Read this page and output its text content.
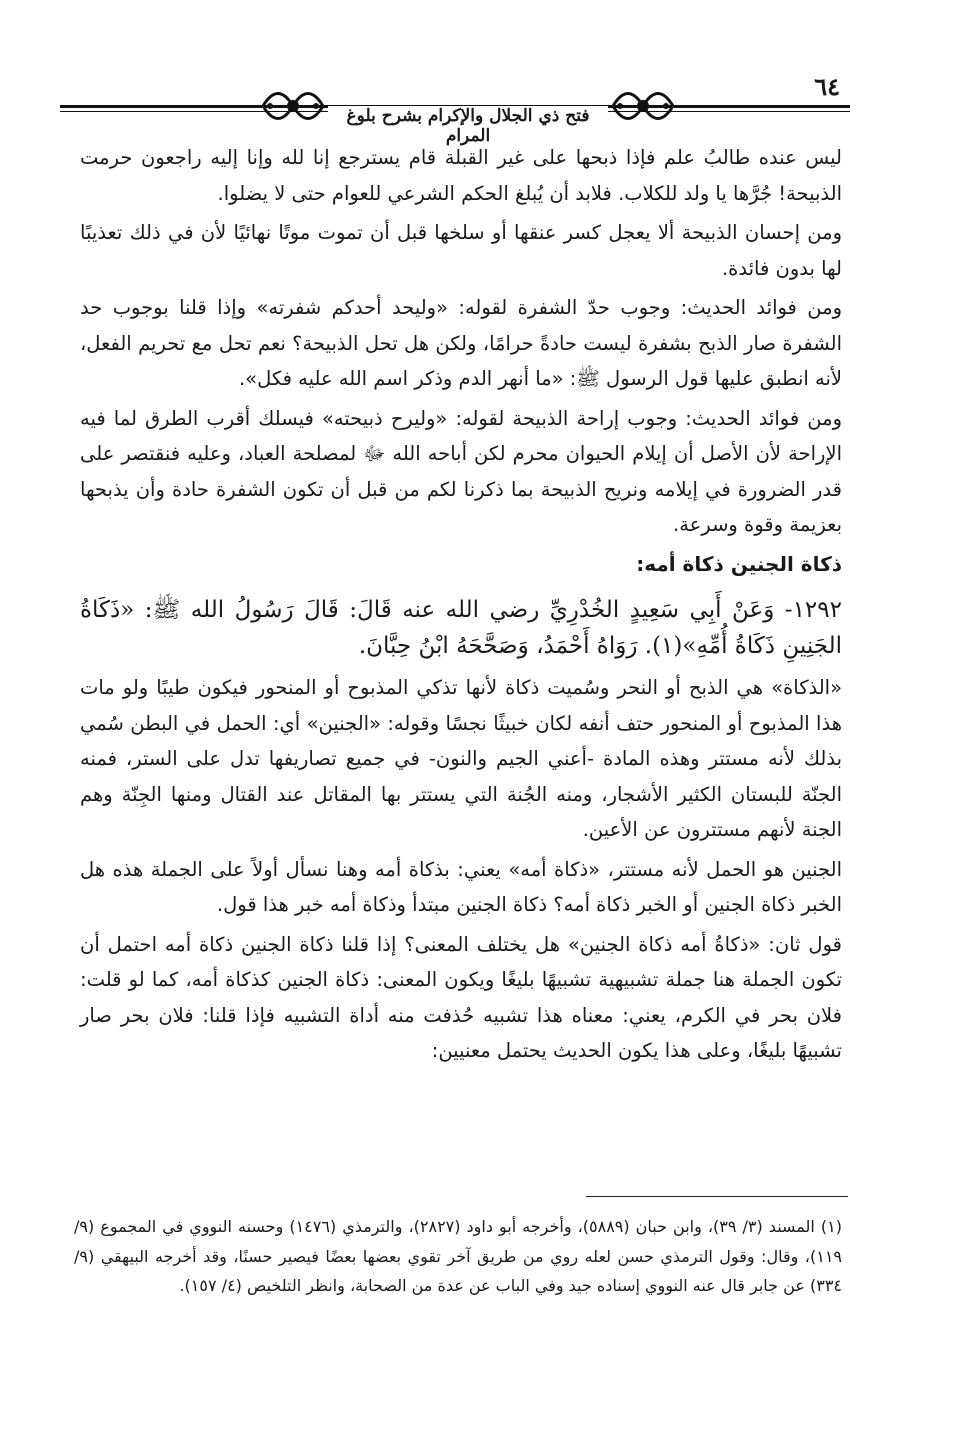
٦٤
فتح ذي الجلال والإكرام بشرح بلوغ المرام

ليس عنده طالبُ علم فإذا ذبحها على غير القبلة قام يسترجع إنا لله وإنا إليه راجعون حرمت الذبيحة! جُرَّها يا ولد للكلاب. فلابد أن يُبلغ الحكم الشرعي للعوام حتى لا يضلوا.

ومن إحسان الذبيحة ألا يعجل كسر عنقها أو سلخها قبل أن تموت موتًا نهائيًا لأن في ذلك تعذيبًا لها بدون فائدة.

ومن فوائد الحديث: وجوب حدّ الشفرة لقوله: «وليحد أحدكم شفرته» وإذا قلنا بوجوب حد الشفرة صار الذبح بشفرة ليست حادةً حرامًا، ولكن هل تحل الذبيحة؟ نعم تحل مع تحريم الفعل، لأنه انطبق عليها قول الرسول ﷺ: «ما أنهر الدم وذكر اسم الله عليه فكل».

ومن فوائد الحديث: وجوب إراحة الذبيحة لقوله: «وليرح ذبيحته» فيسلك أقرب الطرق لما فيه الإراحة لأن الأصل أن إيلام الحيوان محرم لكن أباحه الله ﷻ لمصلحة العباد، وعليه فنقتصر على قدر الضرورة في إيلامه ونريح الذبيحة بما ذكرنا لكم من قبل أن تكون الشفرة حادة وأن يذبحها بعزيمة وقوة وسرعة.

ذكاة الجنين ذكاة أمه:

١٢٩٢- وَعَنْ أَبِي سَعِيدٍ الخُدْرِيِّ رضي الله عنه قَالَ: قَالَ رَسُولُ الله ﷺ: «ذَكَاةُ الجَنِينِ ذَكَاةُ أُمِّهِ»(١). رَوَاهُ أَحْمَدُ، وَصَحَّحَهُ ابْنُ حِبَّانَ.

«الذكاة» هي الذبح أو النحر وسُميت ذكاة لأنها تذكي المذبوح أو المنحور فيكون طيبًا ولو مات هذا المذبوح أو المنحور حتف أنفه لكان خبيثًا نجسًا وقوله: «الجنين» أي: الحمل في البطن سُمي بذلك لأنه مستتر وهذه المادة -أعني الجيم والنون- في جميع تصاريفها تدل على الستر، فمنه الجنّة للبستان الكثير الأشجار، ومنه الجُنة التي يستتر بها المقاتل عند القتال ومنها الجِنّة وهم الجنة لأنهم مستترون عن الأعين.

الجنين هو الحمل لأنه مستتر، «ذكاة أمه» يعني: بذكاة أمه وهنا نسأل أولاً على الجملة هذه هل الخبر ذكاة الجنين أو الخبر ذكاة أمه؟ ذكاة الجنين مبتدأ وذكاة أمه خبر هذا قول.

قول ثان: «ذكاةُ أمه ذكاة الجنين» هل يختلف المعنى؟ إذا قلنا ذكاة الجنين ذكاة أمه احتمل أن تكون الجملة هنا جملة تشبيهية تشبيهًا بليغًا ويكون المعنى: ذكاة الجنين كذكاة أمه، كما لو قلت: فلان بحر في الكرم، يعني: معناه هذا تشبيه حُذفت منه أداة التشبيه فإذا قلنا: فلان بحر صار تشبيهًا بليغًا، وعلى هذا يكون الحديث يحتمل معنيين:

(١) المسند (٣/ ٣٩)، وابن حبان (٥٨٨٩)، وأخرجه أبو داود (٢٨٢٧)، والترمذي (١٤٧٦) وحسنه النووي في المجموع (٩/ ١١٩)، وقال: وقول الترمذي حسن لعله روي من طريق آخر تقوي بعضها بعضًا فيصير حسنًا، وقد أخرجه البيهقي (٩/ ٣٣٤) عن جابر قال عنه النووي إسناده جيد وفي الباب عن عدة من الصحابة، وانظر التلخيص (٤/ ١٥٧).
